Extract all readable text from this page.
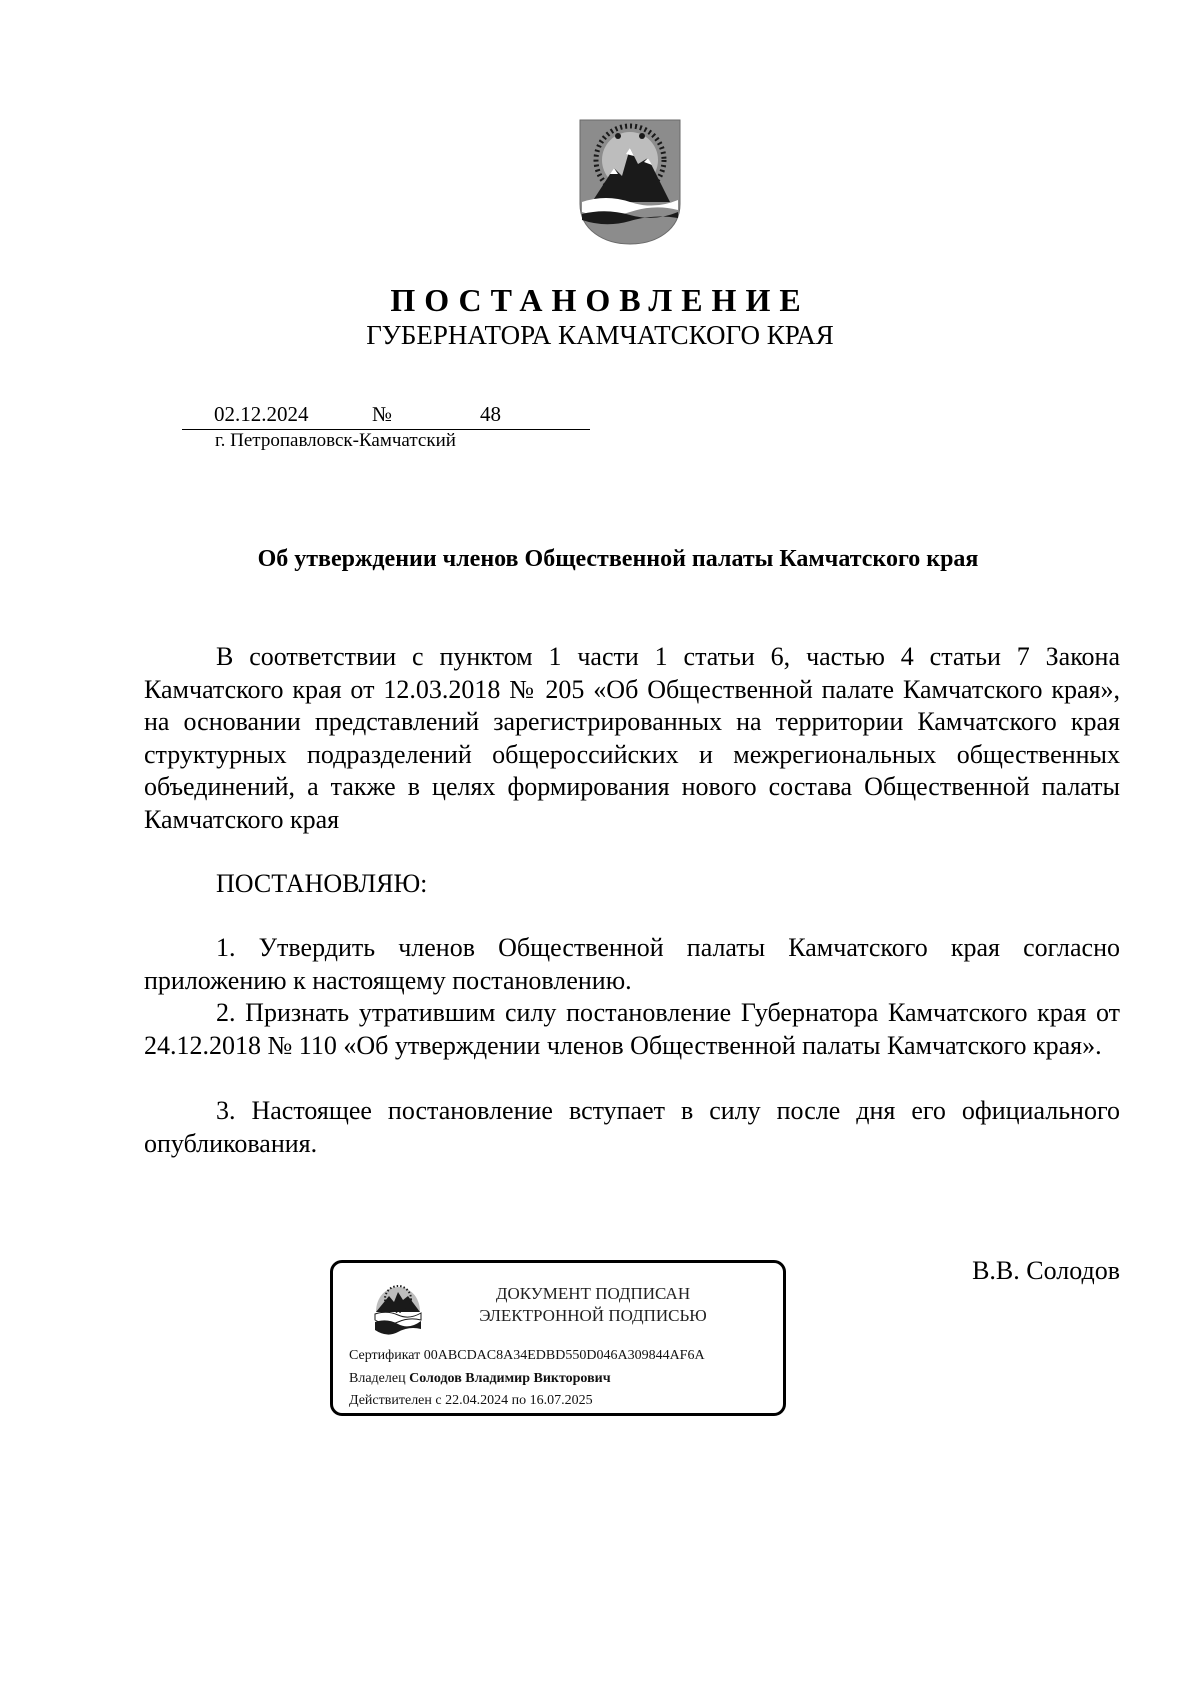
ПОСТАНОВЛЕНИЕ
ГУБЕРНАТОРА КАМЧАТСКОГО КРАЯ
02.12.2024	№	48
г. Петропавловск-Камчатский
Об утверждении членов Общественной палаты Камчатского края
В соответствии с пунктом 1 части 1 статьи 6, частью 4 статьи 7 Закона Камчатского края от 12.03.2018 № 205 «Об Общественной палате Камчатского края», на основании представлений зарегистрированных на территории Камчатского края структурных подразделений общероссийских и межрегиональных общественных объединений, а также в целях формирования нового состава Общественной палаты Камчатского края
ПОСТАНОВЛЯЮ:
1. Утвердить членов Общественной палаты Камчатского края согласно приложению к настоящему постановлению.
2. Признать утратившим силу постановление Губернатора Камчатского края от 24.12.2018 № 110 «Об утверждении членов Общественной палаты Камчатского края».
3. Настоящее постановление вступает в силу после дня его официального опубликования.
В.В. Солодов
ДОКУМЕНТ ПОДПИСАН
ЭЛЕКТРОННОЙ ПОДПИСЬЮ
Сертификат 00ABCDAC8A34EDBD550D046A309844AF6A
Владелец Солодов Владимир Викторович
Действителен с 22.04.2024 по 16.07.2025
